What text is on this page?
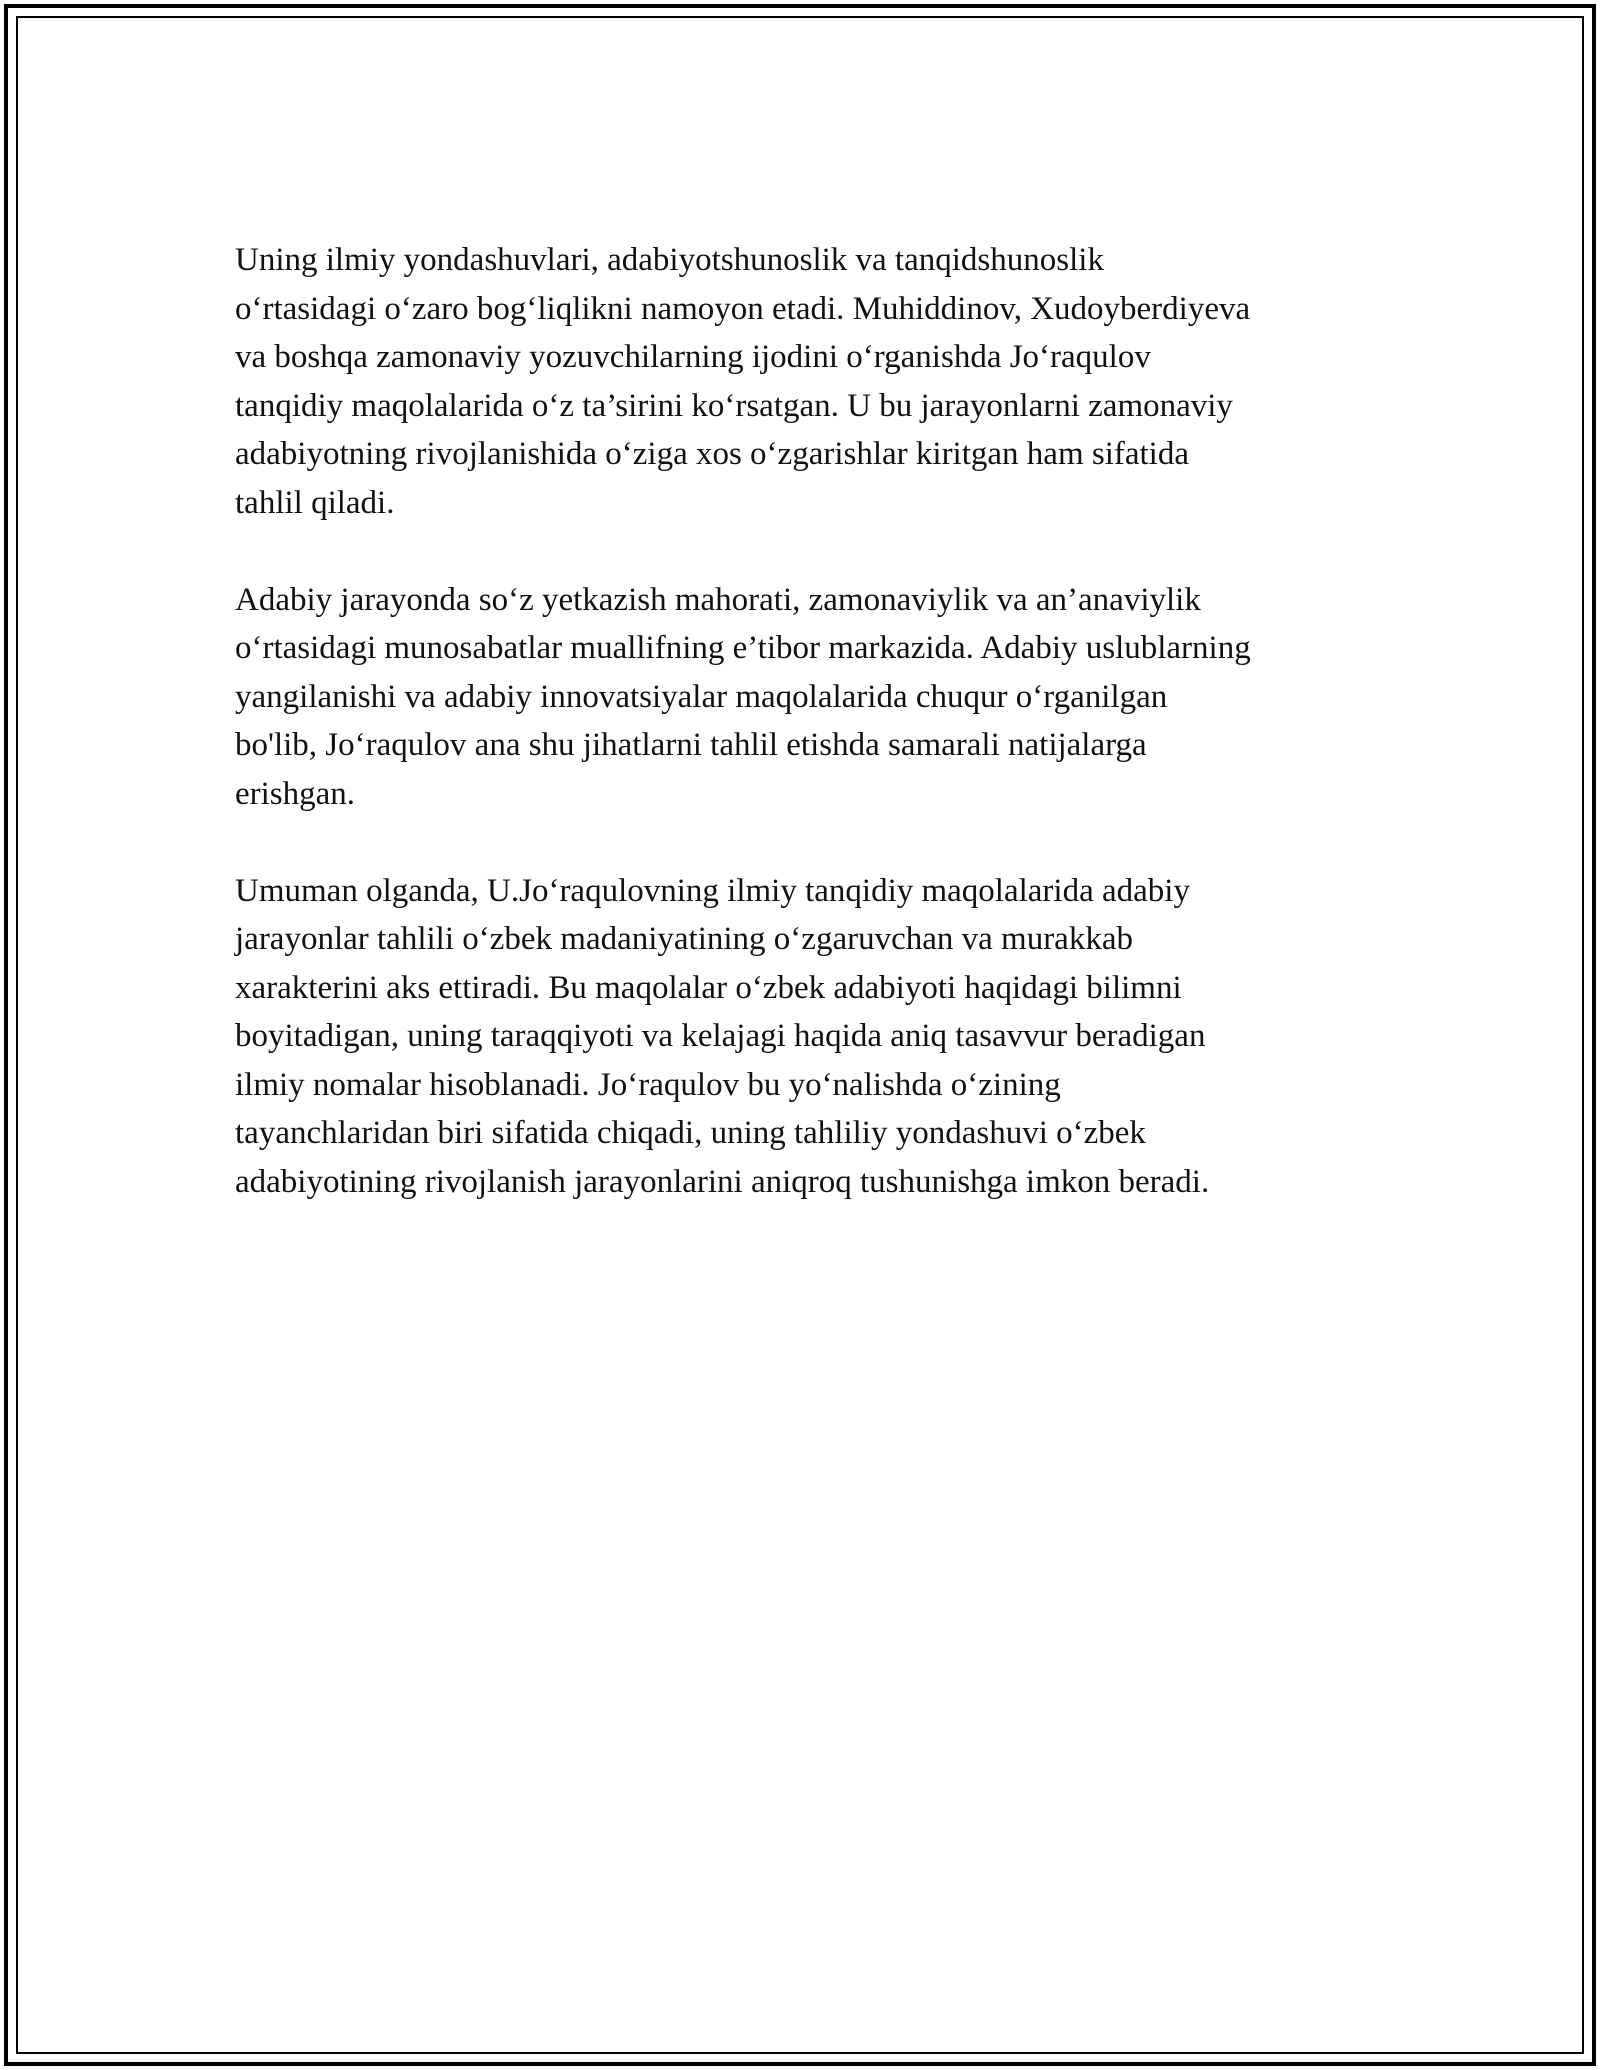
Uning ilmiy yondashuvlari, adabiyotshunoslik va tanqidshunoslik
o‘rtasidagi o‘zaro bog‘liqlikni namoyon etadi. Muhiddinov, Xudoyberdiyeva
va boshqa zamonaviy yozuvchilarning ijodini o‘rganishda Jo‘raqulov
tanqidiy maqolalarida o‘z ta’sirini ko‘rsatgan. U bu jarayonlarni zamonaviy
adabiyotning rivojlanishida o‘ziga xos o‘zgarishlar kiritgan ham sifatida
tahlil qiladi.

Adabiy jarayonda so‘z yetkazish mahorati, zamonaviylik va an’anaviylik
o‘rtasidagi munosabatlar muallifning e’tibor markazida. Adabiy uslublarning
yangilanishi va adabiy innovatsiyalar maqolalarida chuqur o‘rganilgan
bo'lib, Jo‘raqulov ana shu jihatlarni tahlil etishda samarali natijalarga
erishgan.

Umuman olganda, U.Jo‘raqulovning ilmiy tanqidiy maqolalarida adabiy
jarayonlar tahlili o‘zbek madaniyatining o‘zgaruvchan va murakkab
xarakterini aks ettiradi. Bu maqolalar o‘zbek adabiyoti haqidagi bilimni
boyitadigan, uning taraqqiyoti va kelajagi haqida aniq tasavvur beradigan
ilmiy nomalar hisoblanadi. Jo‘raqulov bu yo‘nalishda o‘zining
tayanchlaridan biri sifatida chiqadi, uning tahliliy yondashuvi o‘zbek
adabiyotining rivojlanish jarayonlarini aniqroq tushunishga imkon beradi.
